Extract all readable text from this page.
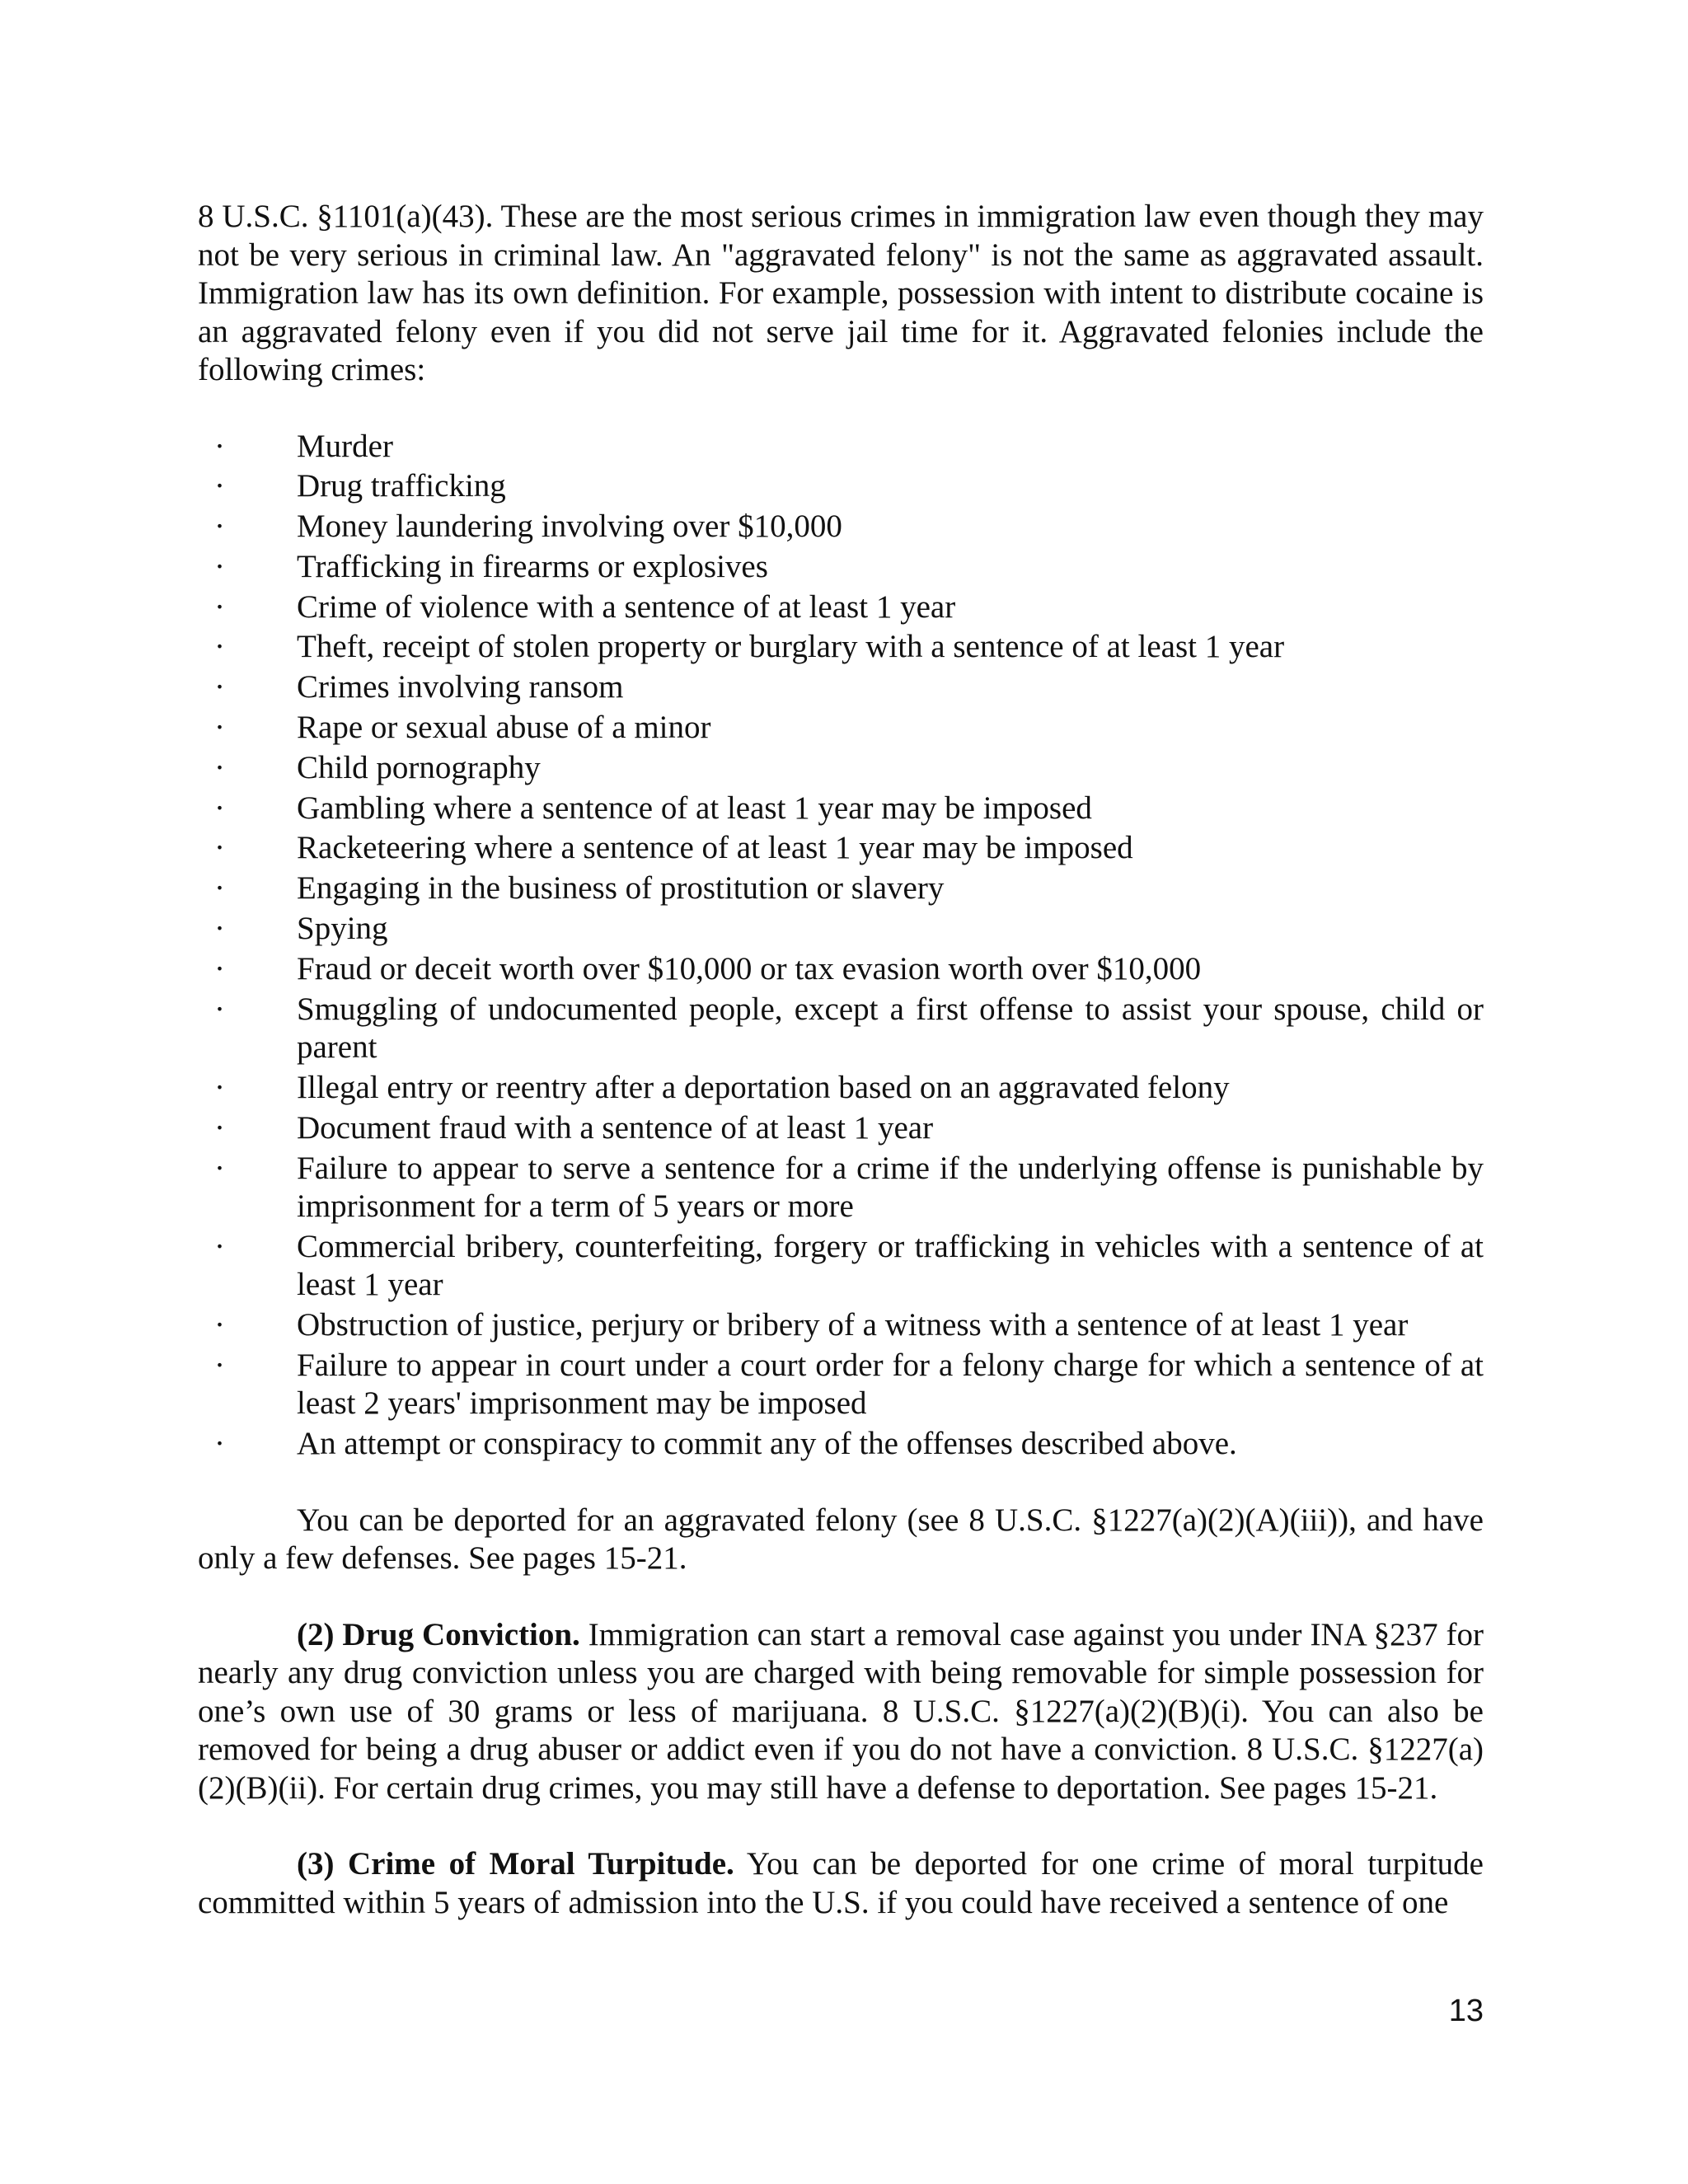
8 U.S.C. §1101(a)(43). These are the most serious crimes in immigration law even though they may not be very serious in criminal law. An "aggravated felony" is not the same as aggravated assault. Immigration law has its own definition. For example, possession with intent to distribute cocaine is an aggravated felony even if you did not serve jail time for it. Aggravated felonies include the following crimes:

· Murder
· Drug trafficking
· Money laundering involving over $10,000
· Trafficking in firearms or explosives
· Crime of violence with a sentence of at least 1 year
· Theft, receipt of stolen property or burglary with a sentence of at least 1 year
· Crimes involving ransom
· Rape or sexual abuse of a minor
· Child pornography
· Gambling where a sentence of at least 1 year may be imposed
· Racketeering where a sentence of at least 1 year may be imposed
· Engaging in the business of prostitution or slavery
· Spying
· Fraud or deceit worth over $10,000 or tax evasion worth over $10,000
· Smuggling of undocumented people, except a first offense to assist your spouse, child or parent
· Illegal entry or reentry after a deportation based on an aggravated felony
· Document fraud with a sentence of at least 1 year
· Failure to appear to serve a sentence for a crime if the underlying offense is punishable by imprisonment for a term of 5 years or more
· Commercial bribery, counterfeiting, forgery or trafficking in vehicles with a sentence of at least 1 year
· Obstruction of justice, perjury or bribery of a witness with a sentence of at least 1 year
· Failure to appear in court under a court order for a felony charge for which a sentence of at least 2 years' imprisonment may be imposed
· An attempt or conspiracy to commit any of the offenses described above.

You can be deported for an aggravated felony (see 8 U.S.C. §1227(a)(2)(A)(iii)), and have only a few defenses. See pages 15-21.

(2) Drug Conviction. Immigration can start a removal case against you under INA §237 for nearly any drug conviction unless you are charged with being removable for simple possession for one’s own use of 30 grams or less of marijuana. 8 U.S.C. §1227(a)(2)(B)(i). You can also be removed for being a drug abuser or addict even if you do not have a conviction. 8 U.S.C. §1227(a)(2)(B)(ii). For certain drug crimes, you may still have a defense to deportation. See pages 15-21.

(3) Crime of Moral Turpitude. You can be deported for one crime of moral turpitude committed within 5 years of admission into the U.S. if you could have received a sentence of one

13
